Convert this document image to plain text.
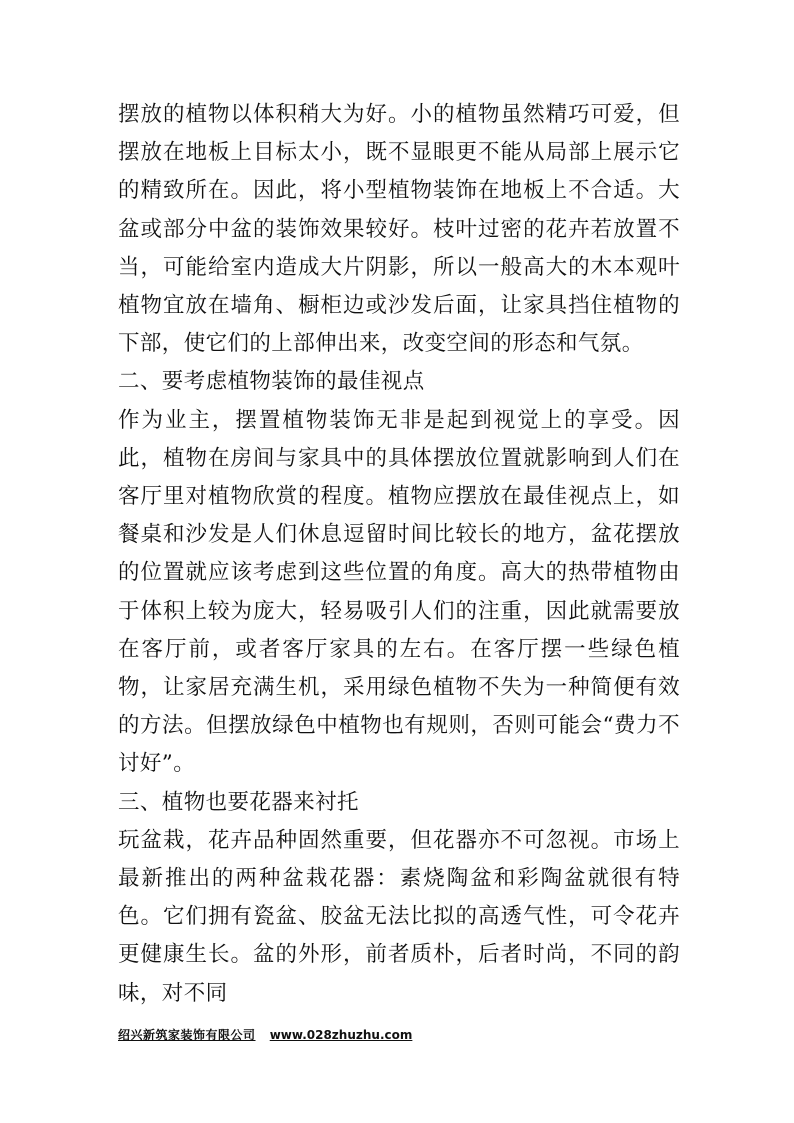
摆放的植物以体积稍大为好。小的植物虽然精巧可爱，但摆放在地板上目标太小，既不显眼更不能从局部上展示它的精致所在。因此，将小型植物装饰在地板上不合适。大盆或部分中盆的装饰效果较好。枝叶过密的花卉若放置不当，可能给室内造成大片阴影，所以一般高大的木本观叶植物宜放在墙角、橱柜边或沙发后面，让家具挡住植物的下部，使它们的上部伸出来，改变空间的形态和气氛。

二、要考虑植物装饰的最佳视点

作为业主，摆置植物装饰无非是起到视觉上的享受。因此，植物在房间与家具中的具体摆放位置就影响到人们在客厅里对植物欣赏的程度。植物应摆放在最佳视点上，如餐桌和沙发是人们休息逗留时间比较长的地方，盆花摆放的位置就应该考虑到这些位置的角度。高大的热带植物由于体积上较为庞大，轻易吸引人们的注重，因此就需要放在客厅前，或者客厅家具的左右。在客厅摆一些绿色植物，让家居充满生机，采用绿色植物不失为一种简便有效的方法。但摆放绿色中植物也有规则，否则可能会“费力不讨好”。

三、植物也要花器来衬托

玩盆栽，花卉品种固然重要，但花器亦不可忽视。市场上最新推出的两种盆栽花器：素烧陶盆和彩陶盆就很有特色。它们拥有瓷盆、胶盆无法比拟的高透气性，可令花卉更健康生长。盆的外形，前者质朴，后者时尚，不同的韵味，对不同

绍兴新筑家装饰有限公司 www.028zhuzhu.com
